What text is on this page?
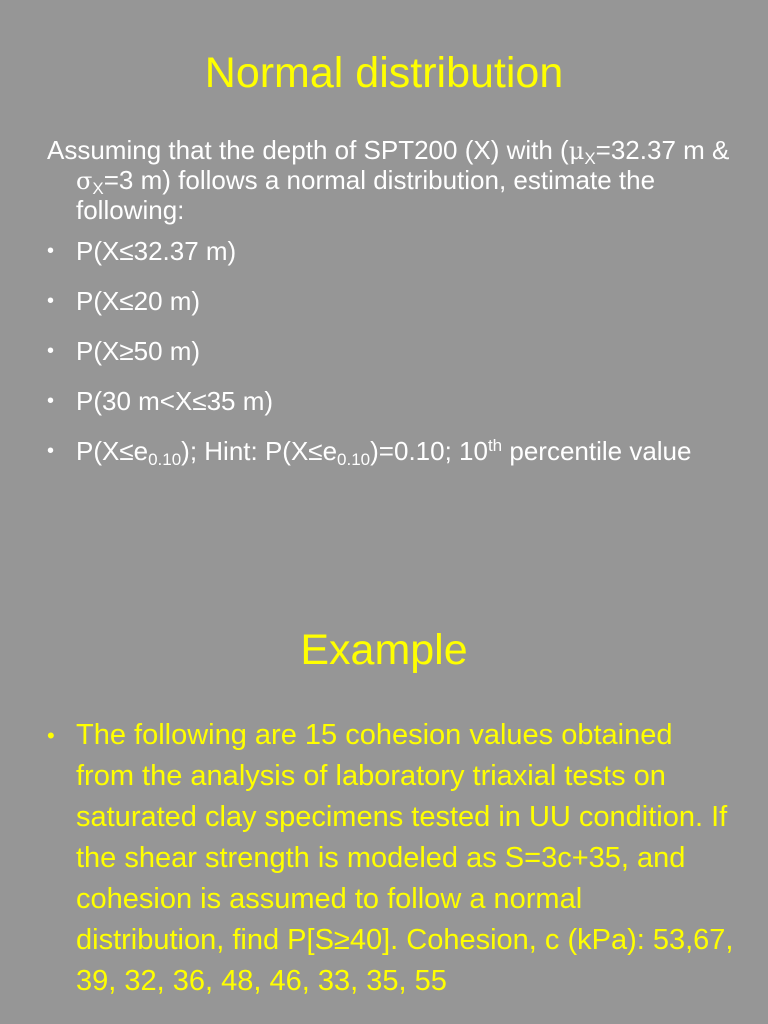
Normal distribution

Assuming that the depth of SPT200 (X) with ($\mu_X=32.37$ m & $\sigma_X=3$ m) follows a normal distribution, estimate the following:

• P(X≤32.37 m)
• P(X≤20 m)
• P(X≥50 m)
• P(30 m<X≤35 m)
• $P(X\le e_{0.10})$; Hint: $P(X\le e_{0.10})=0.10$; 10th percentile value
Example
• The following are 15 cohesion values obtained from the analysis of laboratory triaxial tests on saturated clay specimens tested in UU condition. If the shear strength is modeled as S=3c+35, and cohesion is assumed to follow a normal distribution, find P[S≥40]. Cohesion, c (kPa): 53,67, 39, 32, 36, 48, 46, 33, 35, 55
